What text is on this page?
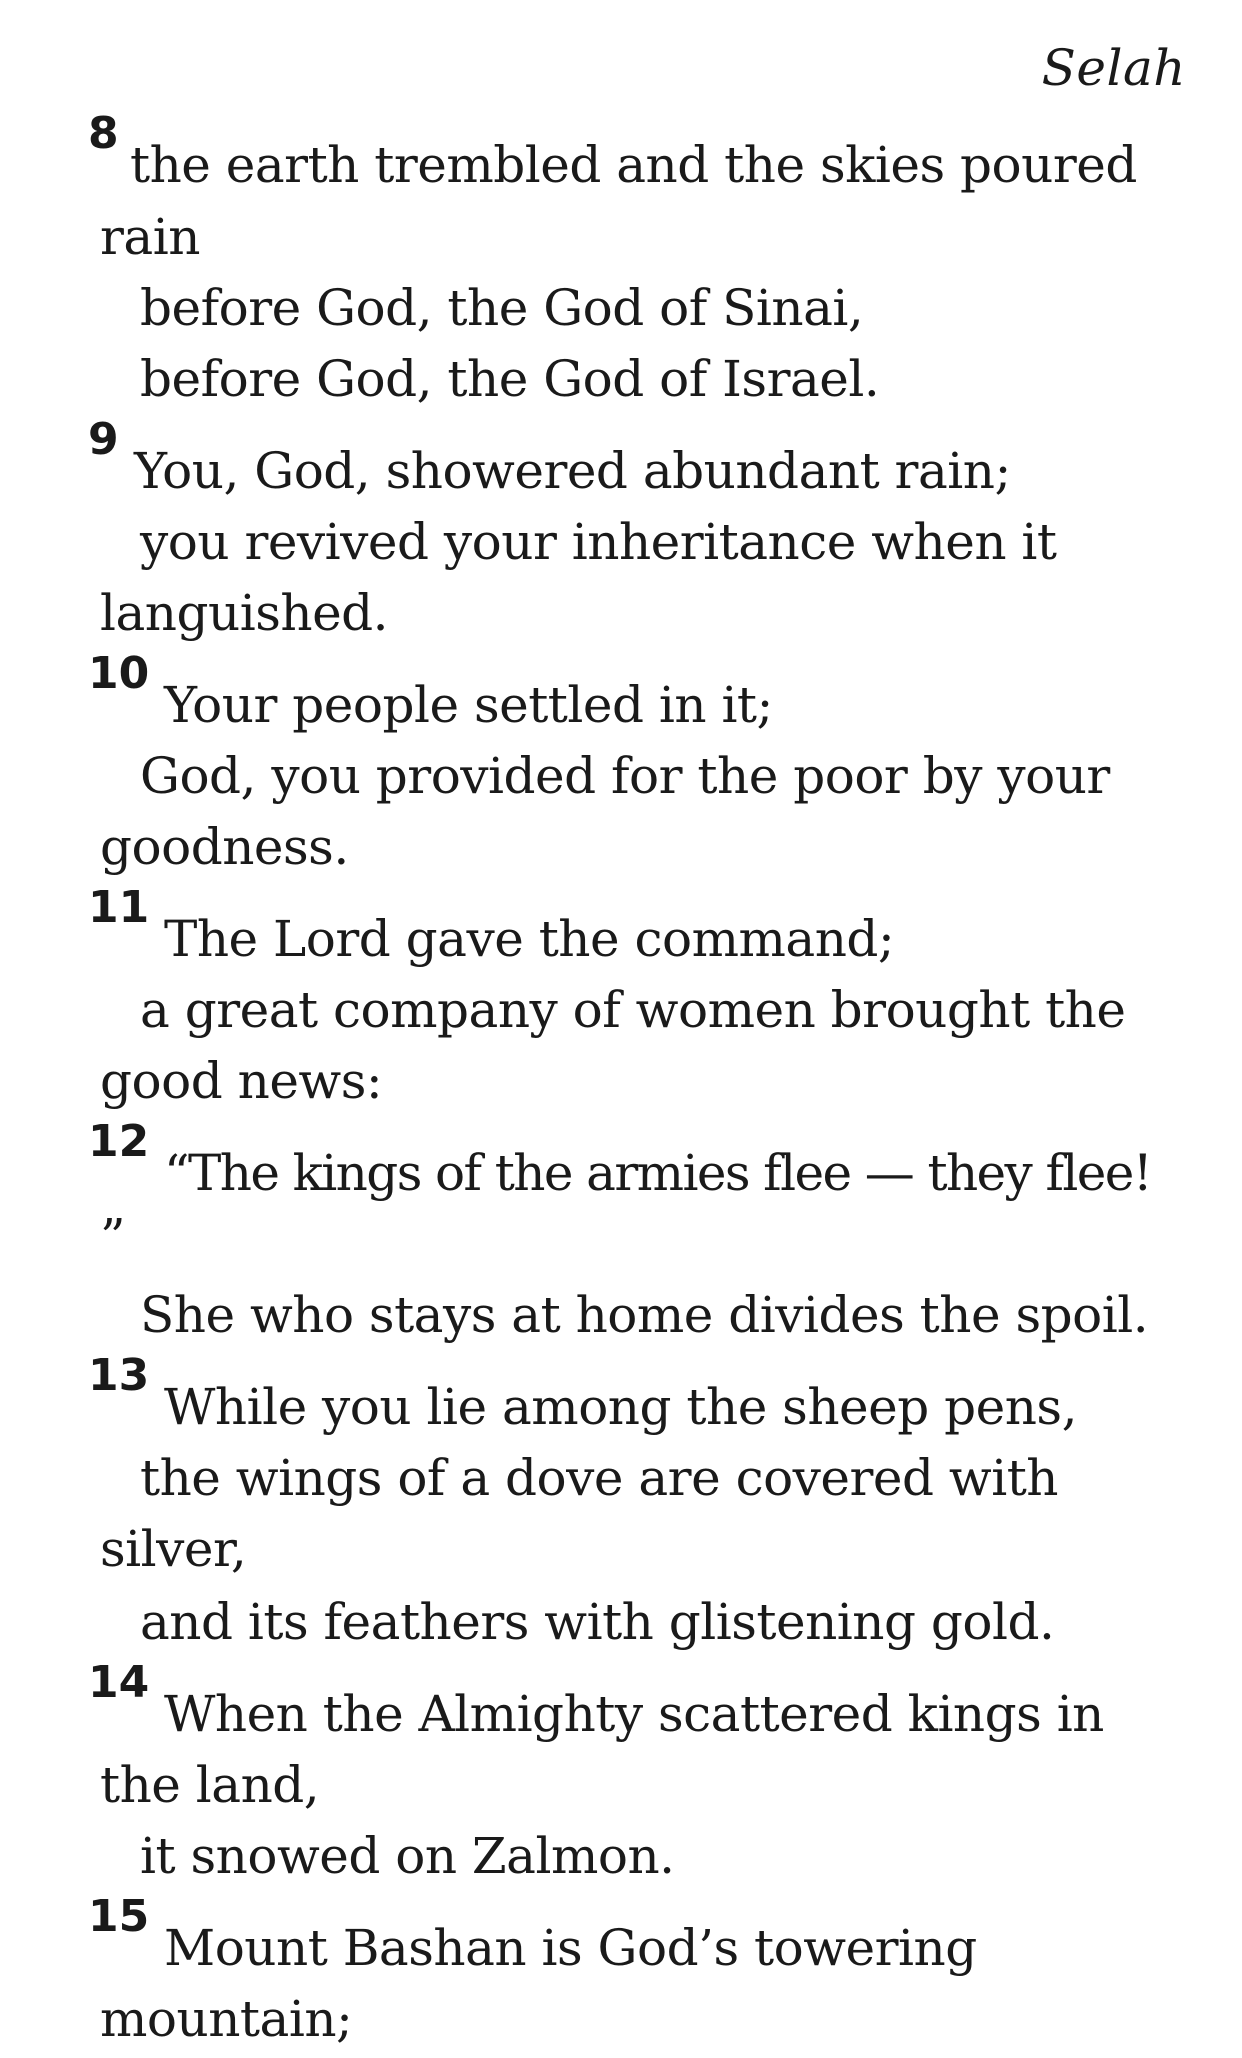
Selah
8
the earth trembled and the skies poured
rain
before God, the God of Sinai,
before God, the God of Israel.
9
You, God, showered abundant rain;
you revived your inheritance when it
languished.
10
Your people settled in it;
God, you provided for the poor by your
goodness.
11
The Lord gave the command;
a great company of women brought the
good news:
12
“The kings of the armies flee — they flee!
”
She who stays at home divides the spoil.
13
While you lie among the sheep pens,
the wings of a dove are covered with
silver,
and its feathers with glistening gold.
14
When the Almighty scattered kings in
the land,
it snowed on Zalmon.
15
Mount Bashan is God’s towering
mountain;
